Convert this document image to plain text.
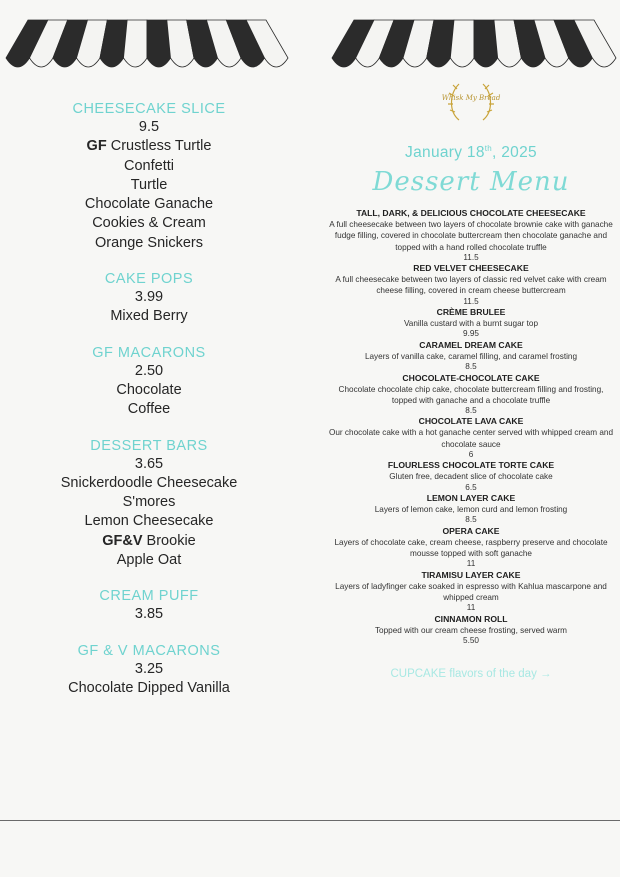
CHEESECAKE SLICE
9.5
GF Crustless Turtle
Confetti
Turtle
Chocolate Ganache
Cookies & Cream
Orange Snickers
CAKE POPS
3.99
Mixed Berry
GF MACARONS
2.50
Chocolate
Coffee
DESSERT BARS
3.65
Snickerdoodle Cheesecake
S'mores
Lemon Cheesecake
GF&V Brookie
Apple Oat
CREAM PUFF
3.85
GF & V MACARONS
3.25
Chocolate Dipped Vanilla
Whisk My Bread
January 18th, 2025
Dessert Menu
TALL, DARK, & DELICIOUS CHOCOLATE CHEESECAKE
A full cheesecake between two layers of chocolate brownie cake with ganache fudge filling, covered in chocolate buttercream then chocolate ganache and topped with a hand rolled chocolate truffle
11.5
RED VELVET CHEESECAKE
A full cheesecake between two layers of classic red velvet cake with cream cheese filling, covered in cream cheese buttercream
11.5
CRÈME BRULEE
Vanilla custard with a burnt sugar top
9.95
CARAMEL DREAM CAKE
Layers of vanilla cake, caramel filling, and caramel frosting
8.5
CHOCOLATE-CHOCOLATE CAKE
Chocolate chocolate chip cake, chocolate buttercream filling and frosting, topped with ganache and a chocolate truffle
8.5
CHOCOLATE LAVA CAKE
Our chocolate cake with a hot ganache center served with whipped cream and chocolate sauce
6
FLOURLESS CHOCOLATE TORTE CAKE
Gluten free, decadent slice of chocolate cake
6.5
LEMON LAYER CAKE
Layers of lemon cake, lemon curd and lemon frosting
8.5
OPERA CAKE
Layers of chocolate cake, cream cheese, raspberry preserve and chocolate mousse topped with soft ganache
11
TIRAMISU LAYER CAKE
Layers of ladyfinger cake soaked in espresso with Kahlua mascarpone and whipped cream
11
CINNAMON ROLL
Topped with our cream cheese frosting, served warm
5.50
CUPCAKE flavors of the day →
